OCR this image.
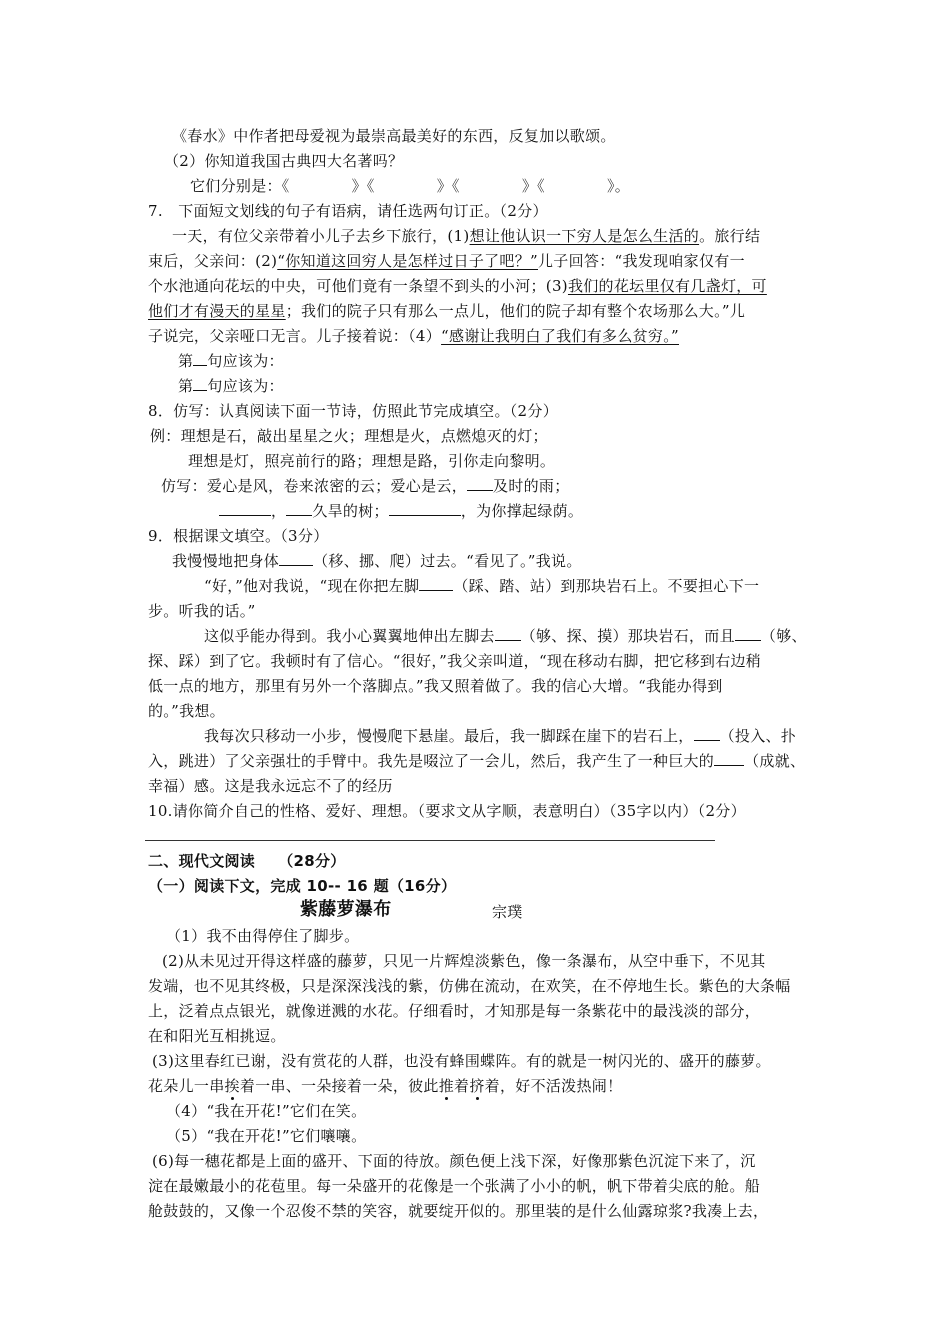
《春水》中作者把母爱视为最崇高最美好的东西，反复加以歌颂。
（2）你知道我国古典四大名著吗？
它们分别是：《	》《	》《	》《	》。
7.　下面短文划线的句子有语病，请任选两句订正。（2分）
一天，有位父亲带着小儿子去乡下旅行，(1)想让他认识一下穷人是怎么生活的。旅行结
束后，父亲问：(2)“你知道这回穷人是怎样过日子了吧？”儿子回答：“我发现咱家仅有一
个水池通向花坛的中央，可他们竟有一条望不到头的小河；(3)我们的花坛里仅有几盏灯，可
他们才有漫天的星星；我们的院子只有那么一点儿，他们的院子却有整个农场那么大。”儿
子说完，父亲哑口无言。儿子接着说：（4）“感谢让我明白了我们有多么贫穷。”
第 句应该为：
第 句应该为：
8．仿写：认真阅读下面一节诗，仿照此节完成填空。（2分）
例：理想是石，敲出星星之火；理想是火，点燃熄灭的灯；
理想是灯，照亮前行的路；理想是路，引你走向黎明。
仿写：爱心是风，卷来浓密的云；爱心是云， 及时的雨；
， 久旱的树；	，为你撑起绿荫。
9．根据课文填空。（3分）
我慢慢地把身体 （移、挪、爬）过去。“看见了。”我说。
“好，”他对我说，“现在你把左脚 （踩、踏、站）到那块岩石上。不要担心下一
步。听我的话。”
这似乎能办得到。我小心翼翼地伸出左脚去 （够、探、摸）那块岩石，而且 （够、
探、踩）到了它。我顿时有了信心。“很好，”我父亲叫道，“现在移动右脚，把它移到右边稍
低一点的地方，那里有另外一个落脚点。”我又照着做了。我的信心大增。“我能办得到
的。”我想。
我每次只移动一小步，慢慢爬下悬崖。最后，我一脚踩在崖下的岩石上， （投入、扑
入，跳进）了父亲强壮的手臂中。我先是啜泣了一会儿，然后，我产生了一种巨大的 （成就、
幸福）感。这是我永远忘不了的经历
10.请你简介自己的性格、爱好、理想。（要求文从字顺，表意明白）（35字以内）（2分）
二、现代文阅读　　（28分）
（一）阅读下文，完成 10-- 16 题（16分）
紫藤萝瀑布	宗璞
（1）我不由得停住了脚步。
(2)从未见过开得这样盛的藤萝，只见一片辉煌淡紫色，像一条瀑布，从空中垂下，不见其
发端，也不见其终极，只是深深浅浅的紫，仿佛在流动，在欢笑，在不停地生长。紫色的大条幅
上，泛着点点银光，就像迸溅的水花。仔细看时，才知那是每一条紫花中的最浅淡的部分，
在和阳光互相挑逗。
(3)这里春红已谢，没有赏花的人群，也没有蜂围蝶阵。有的就是一树闪光的、盛开的藤萝。
花朵儿一串挨着一串、一朵接着一朵，彼此推着挤着，好不活泼热闹！
（4）“我在开花!”它们在笑。
（5）“我在开花!”它们嚷嚷。
(6)每一穗花都是上面的盛开、下面的待放。颜色便上浅下深，好像那紫色沉淀下来了，沉
淀在最嫩最小的花苞里。每一朵盛开的花像是一个张满了小小的帆，帆下带着尖底的舱。船
舱鼓鼓的，又像一个忍俊不禁的笑容，就要绽开似的。那里装的是什么仙露琼浆?我凑上去，
